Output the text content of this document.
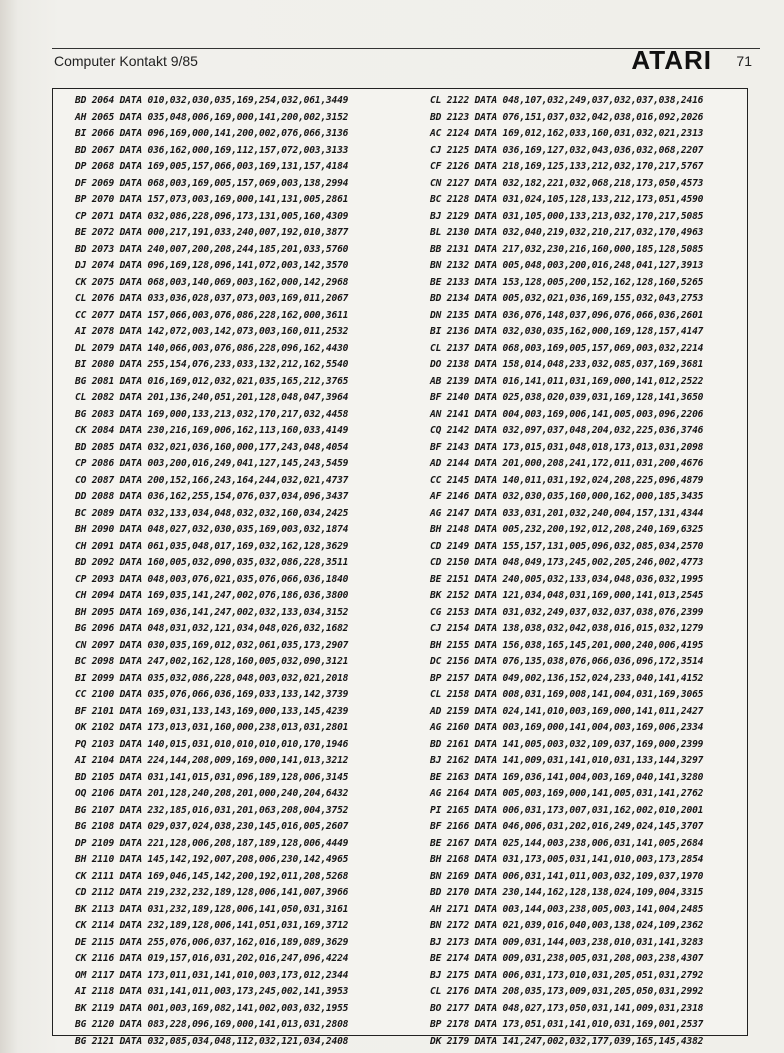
Computer Kontakt 9/85	ATARI 71
BD 2064 DATA 010,032,030,035,169,254,032,061,3449
AH 2065 DATA 035,048,006,169,000,141,200,002,3152
BI 2066 DATA 096,169,000,141,200,002,076,066,3136
BD 2067 DATA 036,162,000,169,112,157,072,003,3133
DP 2068 DATA 169,005,157,066,003,169,131,157,4184
DF 2069 DATA 068,003,169,005,157,069,003,138,2994
BP 2070 DATA 157,073,003,169,000,141,131,005,2861
CP 2071 DATA 032,086,228,096,173,131,005,160,4309
BE 2072 DATA 000,217,191,033,240,007,192,010,3877
BD 2073 DATA 240,007,200,208,244,185,201,033,5760
DJ 2074 DATA 096,169,128,096,141,072,003,142,3570
CK 2075 DATA 068,003,140,069,003,162,000,142,2968
CL 2076 DATA 033,036,028,037,073,003,169,011,2067
CC 2077 DATA 157,066,003,076,086,228,162,000,3611
AI 2078 DATA 142,072,003,142,073,003,160,011,2532
DL 2079 DATA 140,066,003,076,086,228,096,162,4430
BI 2080 DATA 255,154,076,233,033,132,212,162,5540
BG 2081 DATA 016,169,012,032,021,035,165,212,3765
CL 2082 DATA 201,136,240,051,201,128,048,047,3964
BG 2083 DATA 169,000,133,213,032,170,217,032,4458
CK 2084 DATA 230,216,169,006,162,113,160,033,4149
BD 2085 DATA 032,021,036,160,000,177,243,048,4054
CP 2086 DATA 003,200,016,249,041,127,145,243,5459
CO 2087 DATA 200,152,166,243,164,244,032,021,4737
DD 2088 DATA 036,162,255,154,076,037,034,096,3437
BC 2089 DATA 032,133,034,048,032,032,160,034,2425
BH 2090 DATA 048,027,032,030,035,169,003,032,1874
CH 2091 DATA 061,035,048,017,169,032,162,128,3629
BD 2092 DATA 160,005,032,090,035,032,086,228,3511
CP 2093 DATA 048,003,076,021,035,076,066,036,1840
CH 2094 DATA 169,035,141,247,002,076,186,036,3800
BH 2095 DATA 169,036,141,247,002,032,133,034,3152
BG 2096 DATA 048,031,032,121,034,048,026,032,1682
CN 2097 DATA 030,035,169,012,032,061,035,173,2907
BC 2098 DATA 247,002,162,128,160,005,032,090,3121
BI 2099 DATA 035,032,086,228,048,003,032,021,2018
CC 2100 DATA 035,076,066,036,169,033,133,142,3739
BF 2101 DATA 169,031,133,143,169,000,133,145,4239
OK 2102 DATA 173,013,031,160,000,238,013,031,2801
PQ 2103 DATA 140,015,031,010,010,010,010,170,1946
AI 2104 DATA 224,144,208,009,169,000,141,013,3212
BD 2105 DATA 031,141,015,031,096,189,128,006,3145
OQ 2106 DATA 201,128,240,208,201,000,240,204,6432
BG 2107 DATA 232,185,016,031,201,063,208,004,3752
BG 2108 DATA 029,037,024,038,230,145,016,005,2607
DP 2109 DATA 221,128,006,208,187,189,128,006,4449
BH 2110 DATA 145,142,192,007,208,006,230,142,4965
CK 2111 DATA 169,046,145,142,200,192,011,208,5268
CD 2112 DATA 219,232,232,189,128,006,141,007,3966
BK 2113 DATA 031,232,189,128,006,141,050,031,3161
CK 2114 DATA 232,189,128,006,141,051,031,169,3712
DE 2115 DATA 255,076,006,037,162,016,189,089,3629
CK 2116 DATA 019,157,016,031,202,016,247,096,4224
OM 2117 DATA 173,011,031,141,010,003,173,012,2344
AI 2118 DATA 031,141,011,003,173,245,002,141,3953
BK 2119 DATA 001,003,169,082,141,002,003,032,1955
BG 2120 DATA 083,228,096,169,000,141,013,031,2808
BG 2121 DATA 032,085,034,048,112,032,121,034,2408
CL 2122 DATA 048,107,032,249,037,032,037,038,2416
BD 2123 DATA 076,151,037,032,042,038,016,092,2026
AC 2124 DATA 169,012,162,033,160,031,032,021,2313
CJ 2125 DATA 036,169,127,032,043,036,032,068,2207
CF 2126 DATA 218,169,125,133,212,032,170,217,5767
CN 2127 DATA 032,182,221,032,068,218,173,050,4573
BC 2128 DATA 031,024,105,128,133,212,173,051,4590
BJ 2129 DATA 031,105,000,133,213,032,170,217,5085
BL 2130 DATA 032,040,219,032,210,217,032,170,4963
BB 2131 DATA 217,032,230,216,160,000,185,128,5085
BN 2132 DATA 005,048,003,200,016,248,041,127,3913
BE 2133 DATA 153,128,005,200,152,162,128,160,5265
BD 2134 DATA 005,032,021,036,169,155,032,043,2753
DN 2135 DATA 036,076,148,037,096,076,066,036,2601
BI 2136 DATA 032,030,035,162,000,169,128,157,4147
CL 2137 DATA 068,003,169,005,157,069,003,032,2214
DO 2138 DATA 158,014,048,233,032,085,037,169,3681
AB 2139 DATA 016,141,011,031,169,000,141,012,2522
BF 2140 DATA 025,038,020,039,031,169,128,141,3650
AN 2141 DATA 004,003,169,006,141,005,003,096,2206
CQ 2142 DATA 032,097,037,048,204,032,225,036,3746
BF 2143 DATA 173,015,031,048,018,173,013,031,2098
AD 2144 DATA 201,000,208,241,172,011,031,200,4676
CC 2145 DATA 140,011,031,192,024,208,225,096,4879
AF 2146 DATA 032,030,035,160,000,162,000,185,3435
AG 2147 DATA 033,031,201,032,240,004,157,131,4344
BH 2148 DATA 005,232,200,192,012,208,240,169,6325
CD 2149 DATA 155,157,131,005,096,032,085,034,2570
CD 2150 DATA 048,049,173,245,002,205,246,002,4773
BE 2151 DATA 240,005,032,133,034,048,036,032,1995
BK 2152 DATA 121,034,048,031,169,000,141,013,2545
CG 2153 DATA 031,032,249,037,032,037,038,076,2399
CJ 2154 DATA 138,038,032,042,038,016,015,032,1279
BH 2155 DATA 156,038,165,145,201,000,240,006,4195
DC 2156 DATA 076,135,038,076,066,036,096,172,3514
BP 2157 DATA 049,002,136,152,024,233,040,141,4152
CL 2158 DATA 008,031,169,008,141,004,031,169,3065
AD 2159 DATA 024,141,010,003,169,000,141,011,2427
AG 2160 DATA 003,169,000,141,004,003,169,006,2334
BD 2161 DATA 141,005,003,032,109,037,169,000,2399
BJ 2162 DATA 141,009,031,141,010,031,133,144,3297
BE 2163 DATA 169,036,141,004,003,169,040,141,3280
AG 2164 DATA 005,003,169,000,141,005,031,141,2762
PI 2165 DATA 006,031,173,007,031,162,002,010,2001
BF 2166 DATA 046,006,031,202,016,249,024,145,3707
BE 2167 DATA 025,144,003,238,006,031,141,005,2684
BH 2168 DATA 031,173,005,031,141,010,003,173,2854
BN 2169 DATA 006,031,141,011,003,032,109,037,1970
BD 2170 DATA 230,144,162,128,138,024,109,004,3315
AH 2171 DATA 003,144,003,238,005,003,141,004,2485
BN 2172 DATA 021,039,016,040,003,138,024,109,2362
BJ 2173 DATA 009,031,144,003,238,010,031,141,3283
BE 2174 DATA 009,031,238,005,031,208,003,238,4307
BJ 2175 DATA 006,031,173,010,031,205,051,031,2792
CL 2176 DATA 208,035,173,009,031,205,050,031,2992
BO 2177 DATA 048,027,173,050,031,141,009,031,2318
BP 2178 DATA 173,051,031,141,010,031,169,001,2537
DK 2179 DATA 141,247,002,032,177,039,165,145,4382
